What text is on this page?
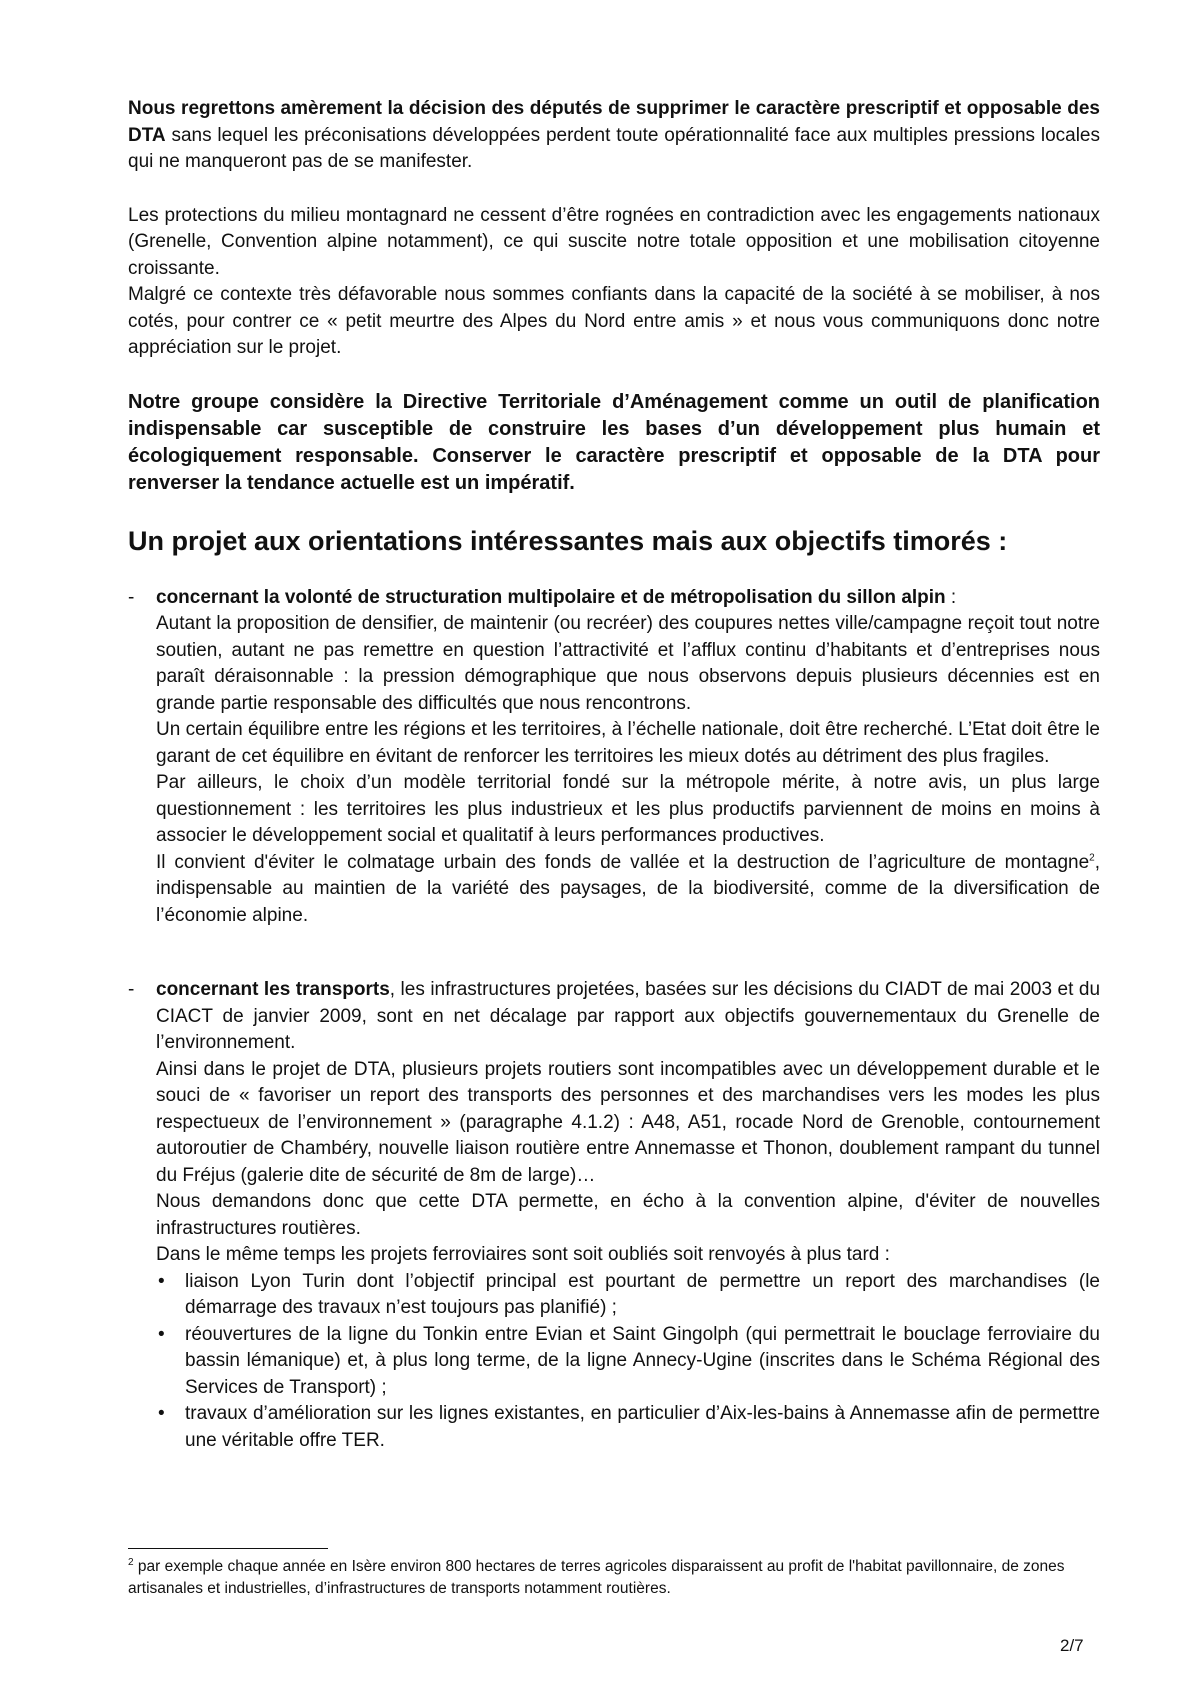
Nous regrettons amèrement la décision des députés de supprimer le caractère prescriptif et opposable des DTA sans lequel les préconisations développées perdent toute opérationnalité face aux multiples pressions locales qui ne manqueront pas de se manifester.

Les protections du milieu montagnard ne cessent d’être rognées en contradiction avec les engagements nationaux (Grenelle, Convention alpine notamment), ce qui suscite notre totale opposition et une mobilisation citoyenne croissante.

Malgré ce contexte très défavorable nous sommes confiants dans la capacité de la société à se mobiliser, à nos cotés, pour contrer ce « petit meurtre des Alpes du Nord entre amis » et nous vous communiquons donc notre appréciation sur le projet.

Notre groupe considère la Directive Territoriale d’Aménagement comme un outil de planification indispensable car susceptible de construire les bases d’un développement plus humain et écologiquement responsable. Conserver le caractère prescriptif et opposable de la DTA pour renverser la tendance actuelle est un impératif.

Un projet aux orientations intéressantes mais aux objectifs timorés :
- concernant la volonté de structuration multipolaire et de métropolisation du sillon alpin :

Autant la proposition de densifier, de maintenir (ou recréer) des coupures nettes ville/campagne reçoit tout notre soutien, autant ne pas remettre en question l’attractivité et l’afflux continu d’habitants et d’entreprises nous paraît déraisonnable : la pression démographique que nous observons depuis plusieurs décennies est en grande partie responsable des difficultés que nous rencontrons.

Un certain équilibre entre les régions et les territoires, à l’échelle nationale, doit être recherché. L’Etat doit être le garant de cet équilibre en évitant de renforcer les territoires les mieux dotés au détriment des plus fragiles.

Par ailleurs, le choix d’un modèle territorial fondé sur la métropole mérite, à notre avis, un plus large questionnement : les territoires les plus industrieux et les plus productifs parviennent de moins en moins à associer le développement social et qualitatif à leurs performances productives.

Il convient d'éviter le colmatage urbain des fonds de vallée et la destruction de l’agriculture de montagne$^2$, indispensable au maintien de la variété des paysages, de la biodiversité, comme de la diversification de l’économie alpine.

- concernant les transports, les infrastructures projetées, basées sur les décisions du CIADT de mai 2003 et du CIACT de janvier 2009, sont en net décalage par rapport aux objectifs gouvernementaux du Grenelle de l’environnement.

Ainsi dans le projet de DTA, plusieurs projets routiers sont incompatibles avec un développement durable et le souci de « favoriser un report des transports des personnes et des marchandises vers les modes les plus respectueux de l’environnement » (paragraphe 4.1.2) : A48, A51, rocade Nord de Grenoble, contournement autoroutier de Chambéry, nouvelle liaison routière entre Annemasse et Thonon, doublement rampant du tunnel du Fréjus (galerie dite de sécurité de 8m de large)…

Nous demandons donc que cette DTA permette, en écho à la convention alpine, d'éviter de nouvelles infrastructures routières.

Dans le même temps les projets ferroviaires sont soit oubliés soit renvoyés à plus tard :

• liaison Lyon Turin dont l’objectif principal est pourtant de permettre un report des marchandises (le démarrage des travaux n’est toujours pas planifié) ;
• réouvertures de la ligne du Tonkin entre Evian et Saint Gingolph (qui permettrait le bouclage ferroviaire du bassin lémanique) et, à plus long terme, de la ligne Annecy-Ugine (inscrites dans le Schéma Régional des Services de Transport) ;
• travaux d’amélioration sur les lignes existantes, en particulier d’Aix-les-bains à Annemasse afin de permettre une véritable offre TER.
$^2$ par exemple chaque année en Isère environ 800 hectares de terres agricoles disparaissent au profit de l'habitat pavillonnaire, de zones artisanales et industrielles, d’infrastructures de transports notamment routières.
2/7
